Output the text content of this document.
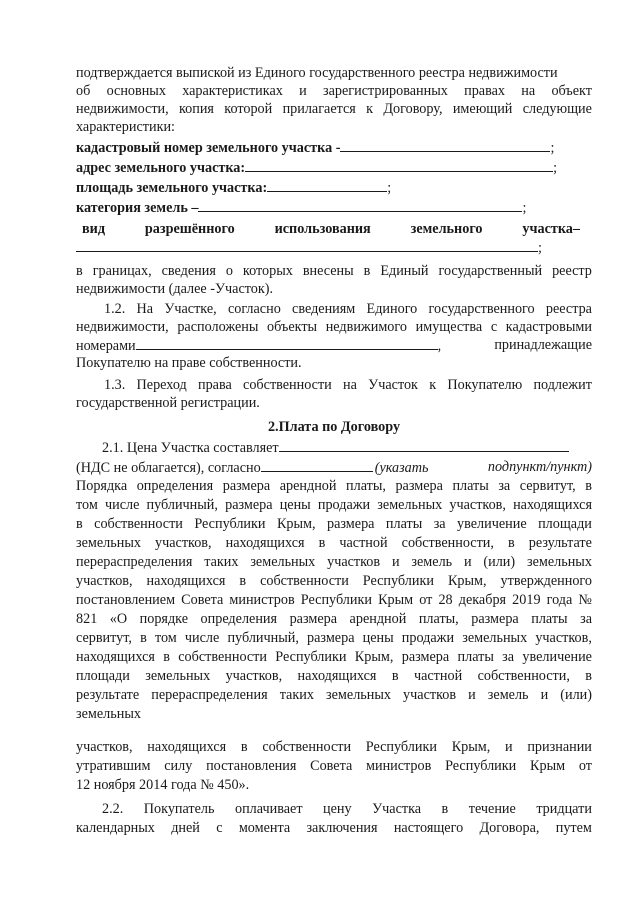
подтверждается выпиской из Единого государственного реестра недвижимости
об основных характеристиках и зарегистрированных правах на объект
недвижимости, копия которой прилагается к Договору, имеющий следующие
характеристики:
кадастровый номер земельного участка -	;
адрес земельного участка:	;
площадь земельного участка:	;
категория земель –	;
вид	разрешённого	использования	земельного	участка–
;
в границах, сведения о которых внесены в Единый государственный реестр
недвижимости (далее -Участок).
1.2. На Участке, согласно сведениям Единого государственного реестра
недвижимости, расположены объекты недвижимого имущества с кадастровыми
номерами	,	принадлежащие
Покупателю на праве собственности.
1.3. Переход права собственности на Участок к Покупателю подлежит
государственной регистрации.
2.Плата по Договору
2.1. Цена Участка составляет
(НДС не облагается), согласно	(указать	подпункт/пункт)
Порядка определения размера арендной платы, размера платы за сервитут, в
том числе публичный, размера цены продажи земельных участков, находящихся
в собственности Республики Крым, размера платы за увеличение площади
земельных участков, находящихся в частной собственности, в результате
перераспределения таких земельных участков и земель и (или) земельных
участков, находящихся в собственности Республики Крым, утвержденного
постановлением Совета министров Республики Крым от 28 декабря 2019 года №
821 «О порядке определения размера арендной платы, размера платы за
сервитут, в том числе публичный, размера цены продажи земельных участков,
находящихся в собственности Республики Крым, размера платы за увеличение
площади земельных участков, находящихся в частной собственности, в
результате перераспределения таких земельных участков и земель и (или)
земельных
участков, находящихся в собственности Республики Крым, и признании
утратившим силу постановления Совета министров Республики Крым от
12 ноября 2014 года № 450».
2.2. Покупатель оплачивает цену Участка в течение тридцати
календарных дней с момента заключения настоящего Договора, путем
